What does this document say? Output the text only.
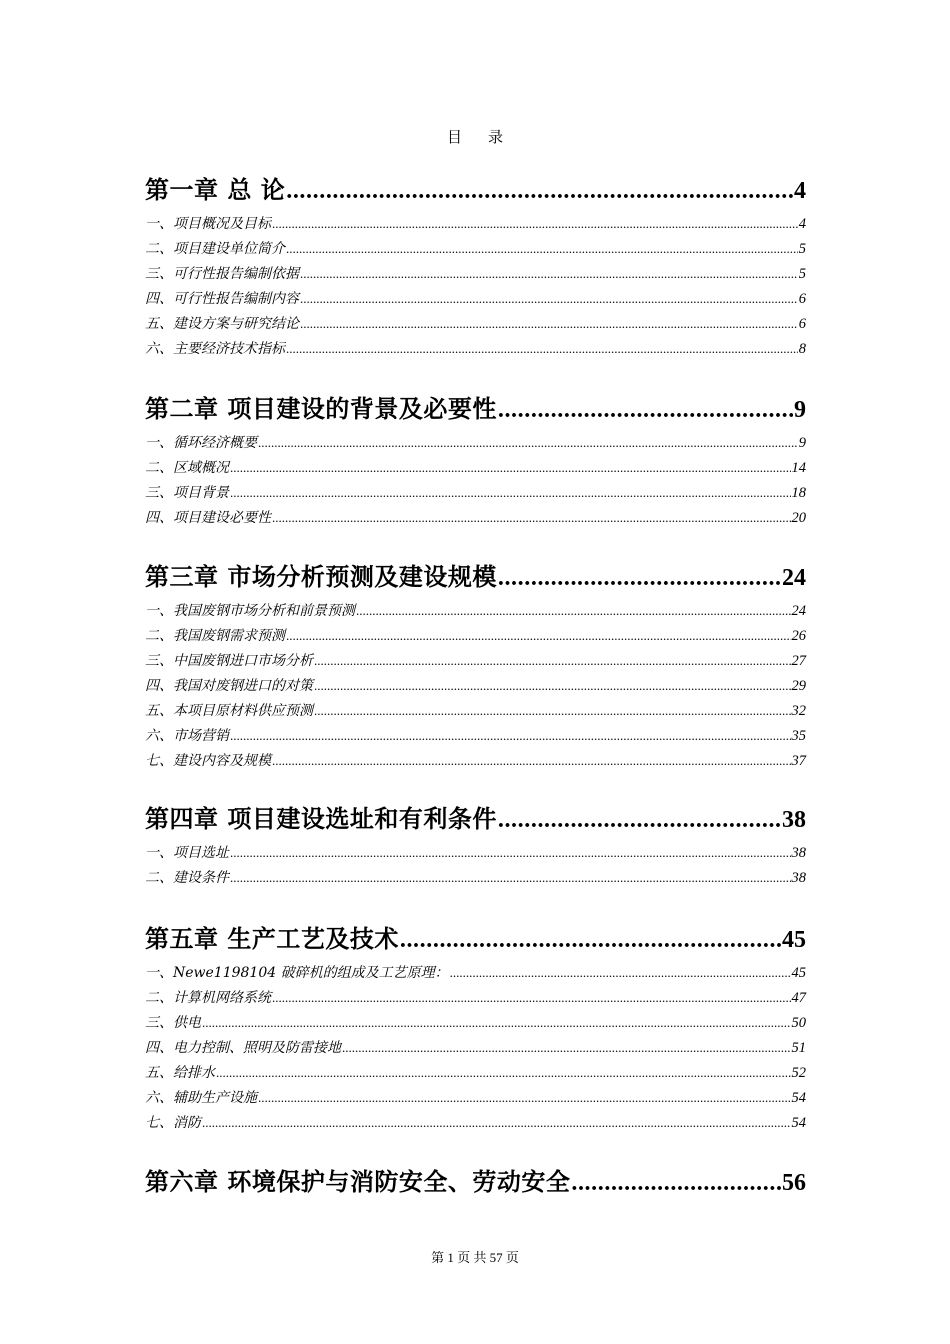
目 录
第一章 总 论 .....	4
一、项目概况及目标 .....	4
二、项目建设单位简介 .....	5
三、可行性报告编制依据 .....	5
四、可行性报告编制内容 .....	6
五、建设方案与研究结论 .....	6
六、主要经济技术指标 .....	8
第二章 项目建设的背景及必要性 .....	9
一、循环经济概要 .....	9
二、区域概况 .....	14
三、项目背景 .....	18
四、项目建设必要性 .....	20
第三章 市场分析预测及建设规模 .....	24
一、我国废钢市场分析和前景预测 .....	24
二、我国废钢需求预测 .....	26
三、中国废钢进口市场分析 .....	27
四、我国对废钢进口的对策 .....	29
五、本项目原材料供应预测 .....	32
六、市场营销 .....	35
七、建设内容及规模 .....	37
第四章 项目建设选址和有利条件 .....	38
一、项目选址 .....	38
二、建设条件 .....	38
第五章 生产工艺及技术 .....	45
一、Newe1198104 破碎机的组成及工艺原理： .....	45
二、计算机网络系统 .....	47
三、供电 .....	50
四、电力控制、照明及防雷接地 .....	51
五、给排水 .....	52
六、辅助生产设施 .....	54
七、消防 .....	54
第六章 环境保护与消防安全、劳动安全 .....	56
第 1 页 共 57 页
